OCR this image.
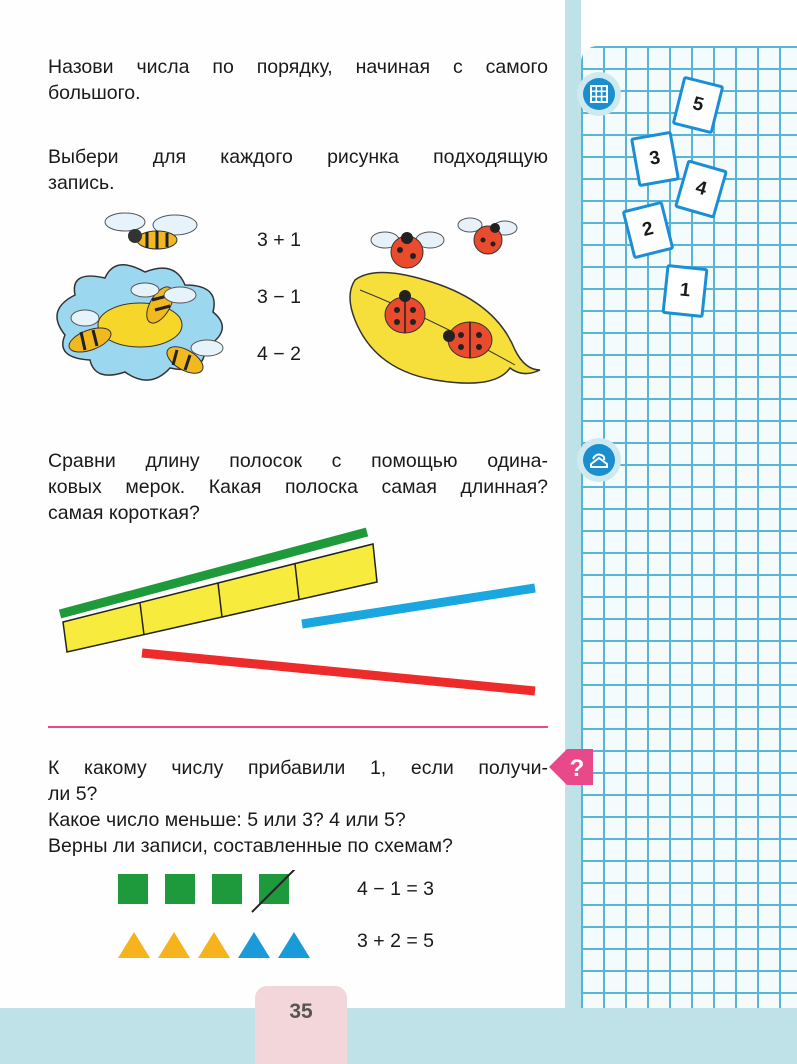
5
3
4
2
1
Назови числа по порядку, начиная с самого
большого.
Выбери для каждого рисунка подходящую
запись.
3 + 1
3 − 1
4 − 2
Сравни длину полосок с помощью одина-
ковых мерок. Какая полоска самая длинная?
самая короткая?
?
К какому числу прибавили 1, если получи-
ли 5?
Какое число меньше: 5 или 3? 4 или 5?
Верны ли записи, составленные по схемам?
4 − 1 = 3
3 + 2 = 5
35
